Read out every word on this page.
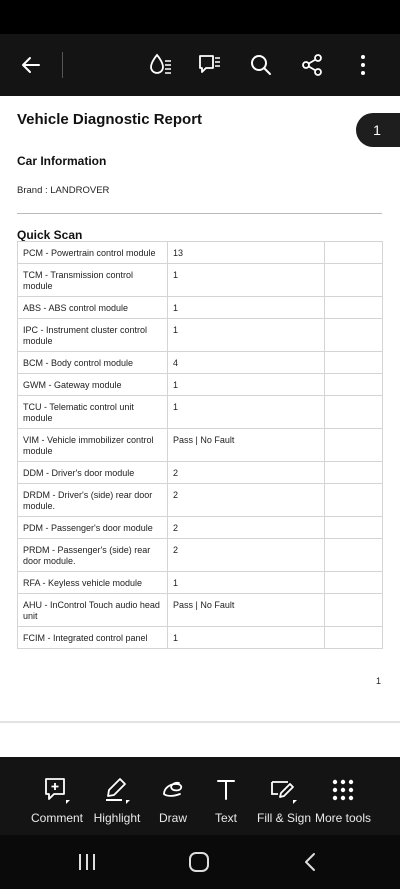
Vehicle Diagnostic Report
1
Car Information
Brand : LANDROVER
Quick Scan
PCM - Powertrain control module	13	
TCM - Transmission control module	1	
ABS - ABS control module	1	
IPC - Instrument cluster control module	1	
BCM - Body control module	4	
GWM - Gateway module	1	
TCU - Telematic control unit module	1	
VIM - Vehicle immobilizer control module	Pass | No Fault	
DDM - Driver's door module	2	
DRDM - Driver's (side) rear door module.	2	
PDM - Passenger's door module	2	
PRDM - Passenger's (side) rear door module.	2	
RFA - Keyless vehicle module	1	
AHU - InControl Touch audio head unit	Pass | No Fault	
FCIM - Integrated control panel	1	
1
Comment Highlight Draw Text Fill & Sign More tools
